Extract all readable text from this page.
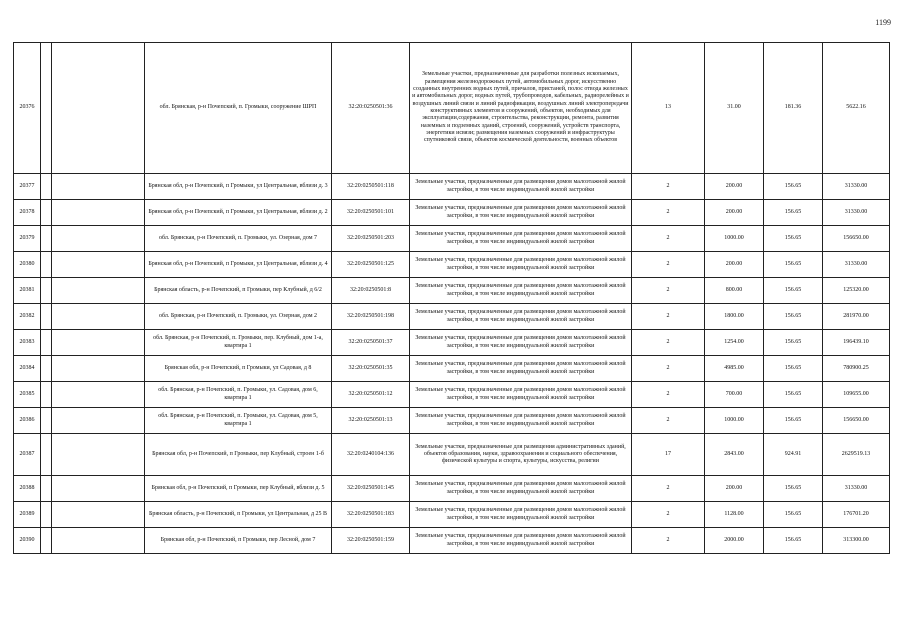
1199
20376			обл. Брянская, р-н Почепский, п. Громыки, сооружение ШРП	32:20:0250501:36	Земельные участки, предназначенные для разработки полезных ископаемых, размещения железнодорожных путей, автомобильных дорог, искусственно созданных внутренних водных путей, причалов, пристаней, полос отвода железных и автомобильных дорог, водных путей, трубопроводов, кабельных, радиорелейных и воздушных линий связи и линий радиофикации, воздушных линий электропередачи конструктивных элементов и сооружений, объектов, необходимых для эксплуатации,содержания, строительства, реконструкции, ремонта, развития наземных и подземных зданий, строений, сооружений, устройств транспорта, энергетики исвязи; размещения наземных сооружений и инфраструктуры спутниковой связи, объектов космической деятельности, военных объектов	13	31.00	181.36	5622.16
20377			Брянская обл, р-н Почепский, п Громыки, ул Центральная, вблизи д. 3	32:20:0250501:118	Земельные участки, предназначенные для размещения домов малоэтажной жилой застройки, в том числе индивидуальной жилой застройки	2	200.00	156.65	31330.00
20378			Брянская обл, р-н Почепский, п Громыки, ул Центральная, вблизи д. 2	32:20:0250501:101	Земельные участки, предназначенные для размещения домов малоэтажной жилой застройки, в том числе индивидуальной жилой застройки	2	200.00	156.65	31330.00
20379			обл. Брянская, р-н Почепский, п. Громыки, ул. Озерная, дом 7	32:20:0250501:203	Земельные участки, предназначенные для размещения домов малоэтажной жилой застройки, в том числе индивидуальной жилой застройки	2	1000.00	156.65	156650.00
20380			Брянская обл, р-н Почепский, п Громыки, ул Центральная, вблизи д. 4	32:20:0250501:125	Земельные участки, предназначенные для размещения домов малоэтажной жилой застройки, в том числе индивидуальной жилой застройки	2	200.00	156.65	31330.00
20381			Брянская область, р-н Почепский, п Громыки, пер Клубный, д 6/2	32:20:0250501:8	Земельные участки, предназначенные для размещения домов малоэтажной жилой застройки, в том числе индивидуальной жилой застройки	2	800.00	156.65	125320.00
20382			обл. Брянская, р-н Почепский, п. Громыки, ул. Озерная, дом 2	32:20:0250501:198	Земельные участки, предназначенные для размещения домов малоэтажной жилой застройки, в том числе индивидуальной жилой застройки	2	1800.00	156.65	281970.00
20383			обл. Брянская, р-н Почепский, п. Громыки, пер. Клубный, дом 1-а, квартира 1	32:20:0250501:37	Земельные участки, предназначенные для размещения домов малоэтажной жилой застройки, в том числе индивидуальной жилой застройки	2	1254.00	156.65	196439.10
20384			Брянская обл, р-н Почепский, п Громыки, ул Садовая, д 8	32:20:0250501:35	Земельные участки, предназначенные для размещения домов малоэтажной жилой застройки, в том числе индивидуальной жилой застройки	2	4985.00	156.65	780900.25
20385			обл. Брянская, р-н Почепский, п. Громыки, ул. Садовая, дом 6, квартира 1	32:20:0250501:12	Земельные участки, предназначенные для размещения домов малоэтажной жилой застройки, в том числе индивидуальной жилой застройки	2	700.00	156.65	109655.00
20386			обл. Брянская, р-н Почепский, п. Громыки, ул. Садовая, дом 5, квартира 1	32:20:0250501:13	Земельные участки, предназначенные для размещения домов малоэтажной жилой застройки, в том числе индивидуальной жилой застройки	2	1000.00	156.65	156650.00
20387			Брянская обл, р-н Почепский, п Громыки, пер Клубный, строен 1-б	32:20:0240104:136	Земельные участки, предназначенные для размещения административных зданий, объектов образования, науки, здравоохранения и социального обеспечения, физической культуры и спорта, культуры, искусства, религии	17	2843.00	924.91	2629519.13
20388			Брянская обл, р-н Почепский, п Громыки, пер Клубный, вблизи д. 5	32:20:0250501:145	Земельные участки, предназначенные для размещения домов малоэтажной жилой застройки, в том числе индивидуальной жилой застройки	2	200.00	156.65	31330.00
20389			Брянская область, р-н Почепский, п Громыки, ул Центральная, д 25 В	32:20:0250501:183	Земельные участки, предназначенные для размещения домов малоэтажной жилой застройки, в том числе индивидуальной жилой застройки	2	1128.00	156.65	176701.20
20390			Брянская обл, р-н Почепский, п Громыки, пер Лесной, дом 7	32:20:0250501:159	Земельные участки, предназначенные для размещения домов малоэтажной жилой застройки, в том числе индивидуальной жилой застройки	2	2000.00	156.65	313300.00
